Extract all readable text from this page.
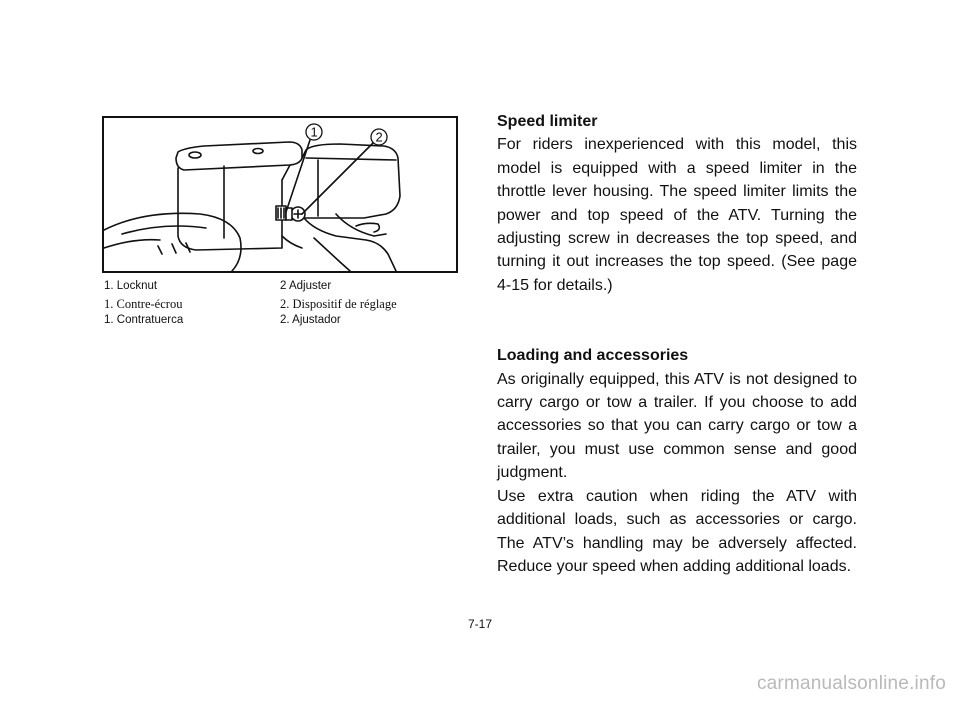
1	2
1. Locknut	2 Adjuster
1. Contre-écrou	2. Dispositif de réglage
1. Contratuerca	2. Ajustador
Speed limiter

For riders inexperienced with this model, this model is equipped with a speed limiter in the throttle lever housing. The speed limiter limits the power and top speed of the ATV. Turning the adjusting screw in decreases the top speed, and turning it out increases the top speed. (See page 4-15 for details.)

Loading and accessories

As originally equipped, this ATV is not designed to carry cargo or tow a trailer. If you choose to add accessories so that you can carry cargo or tow a trailer, you must use common sense and good judgment.

Use extra caution when riding the ATV with additional loads, such as accessories or cargo. The ATV’s handling may be adversely affected. Reduce your speed when adding additional loads.

7-17
carmanualsonline.info
